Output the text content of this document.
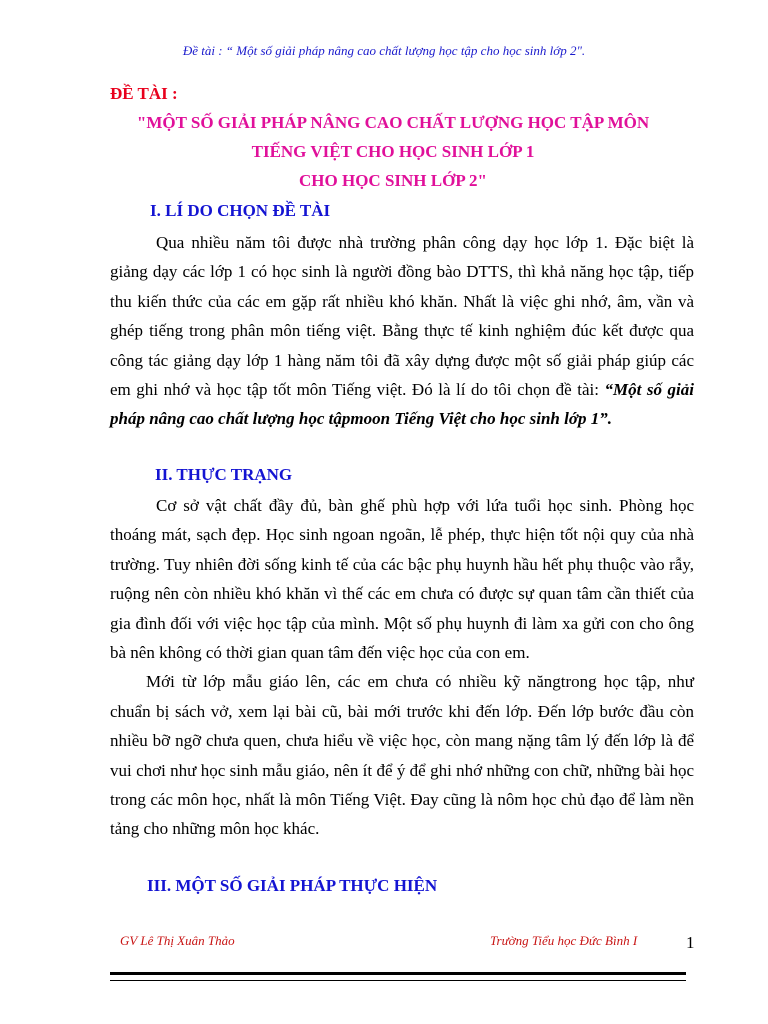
Đề tài : “ Một số giải pháp nâng cao chất lượng học tập cho học sinh lớp 2".
ĐỀ TÀI :
"MỘT SỐ GIẢI PHÁP NÂNG CAO CHẤT LƯỢNG HỌC TẬP MÔN
TIẾNG VIỆT CHO HỌC SINH LỚP 1
CHO HỌC SINH LỚP 2"
I. LÍ DO CHỌN ĐỀ TÀI

Qua nhiều năm tôi được nhà trường phân công dạy học lớp 1. Đặc biệt là giảng dạy các lớp 1 có học sinh là người đồng bào DTTS, thì khả năng học tập, tiếp thu kiến thức của các em gặp rất nhiều khó khăn. Nhất là việc ghi nhớ, âm, vần và ghép tiếng trong phân môn tiếng việt. Bằng thực tế kinh nghiệm đúc kết được qua công tác giảng dạy lớp 1 hàng năm tôi đã xây dựng được một số giải pháp giúp các em ghi nhớ và học tập tốt môn Tiếng việt. Đó là lí do tôi chọn đề tài: “Một số giải pháp nâng cao chất lượng học tậpmoon Tiếng Việt cho học sinh lớp 1”.

II. THỰC TRẠNG

Cơ sở vật chất đầy đủ, bàn ghế phù hợp với lứa tuổi học sinh. Phòng học thoáng mát, sạch đẹp. Học sinh ngoan ngoãn, lễ phép, thực hiện tốt nội quy của nhà trường. Tuy nhiên đời sống kinh tế của các bậc phụ huynh hầu hết phụ thuộc vào rẫy, ruộng nên còn nhiều khó khăn vì thế các em chưa có được sự quan tâm cần thiết của gia đình đối với việc học tập của mình. Một số phụ huynh đi làm xa gửi con cho ông bà nên không có thời gian quan tâm đến việc học của con em.

Mới từ lớp mẫu giáo lên, các em chưa có nhiều kỹ năngtrong học tập, như chuẩn bị sách vở, xem lại bài cũ, bài mới trước khi đến lớp. Đến lớp bước đầu còn nhiều bỡ ngỡ chưa quen, chưa hiểu về việc học, còn mang nặng tâm lý đến lớp là để vui chơi như học sinh mẫu giáo, nên ít để ý để ghi nhớ những con chữ, những bài học trong các môn học, nhất là môn Tiếng Việt. Đay cũng là nôm học chủ đạo để làm nền tảng cho những môn học khác.

III. MỘT SỐ GIẢI PHÁP THỰC HIỆN
GV Lê Thị Xuân Thảo	Trường Tiểu học Đức Bình I	1
